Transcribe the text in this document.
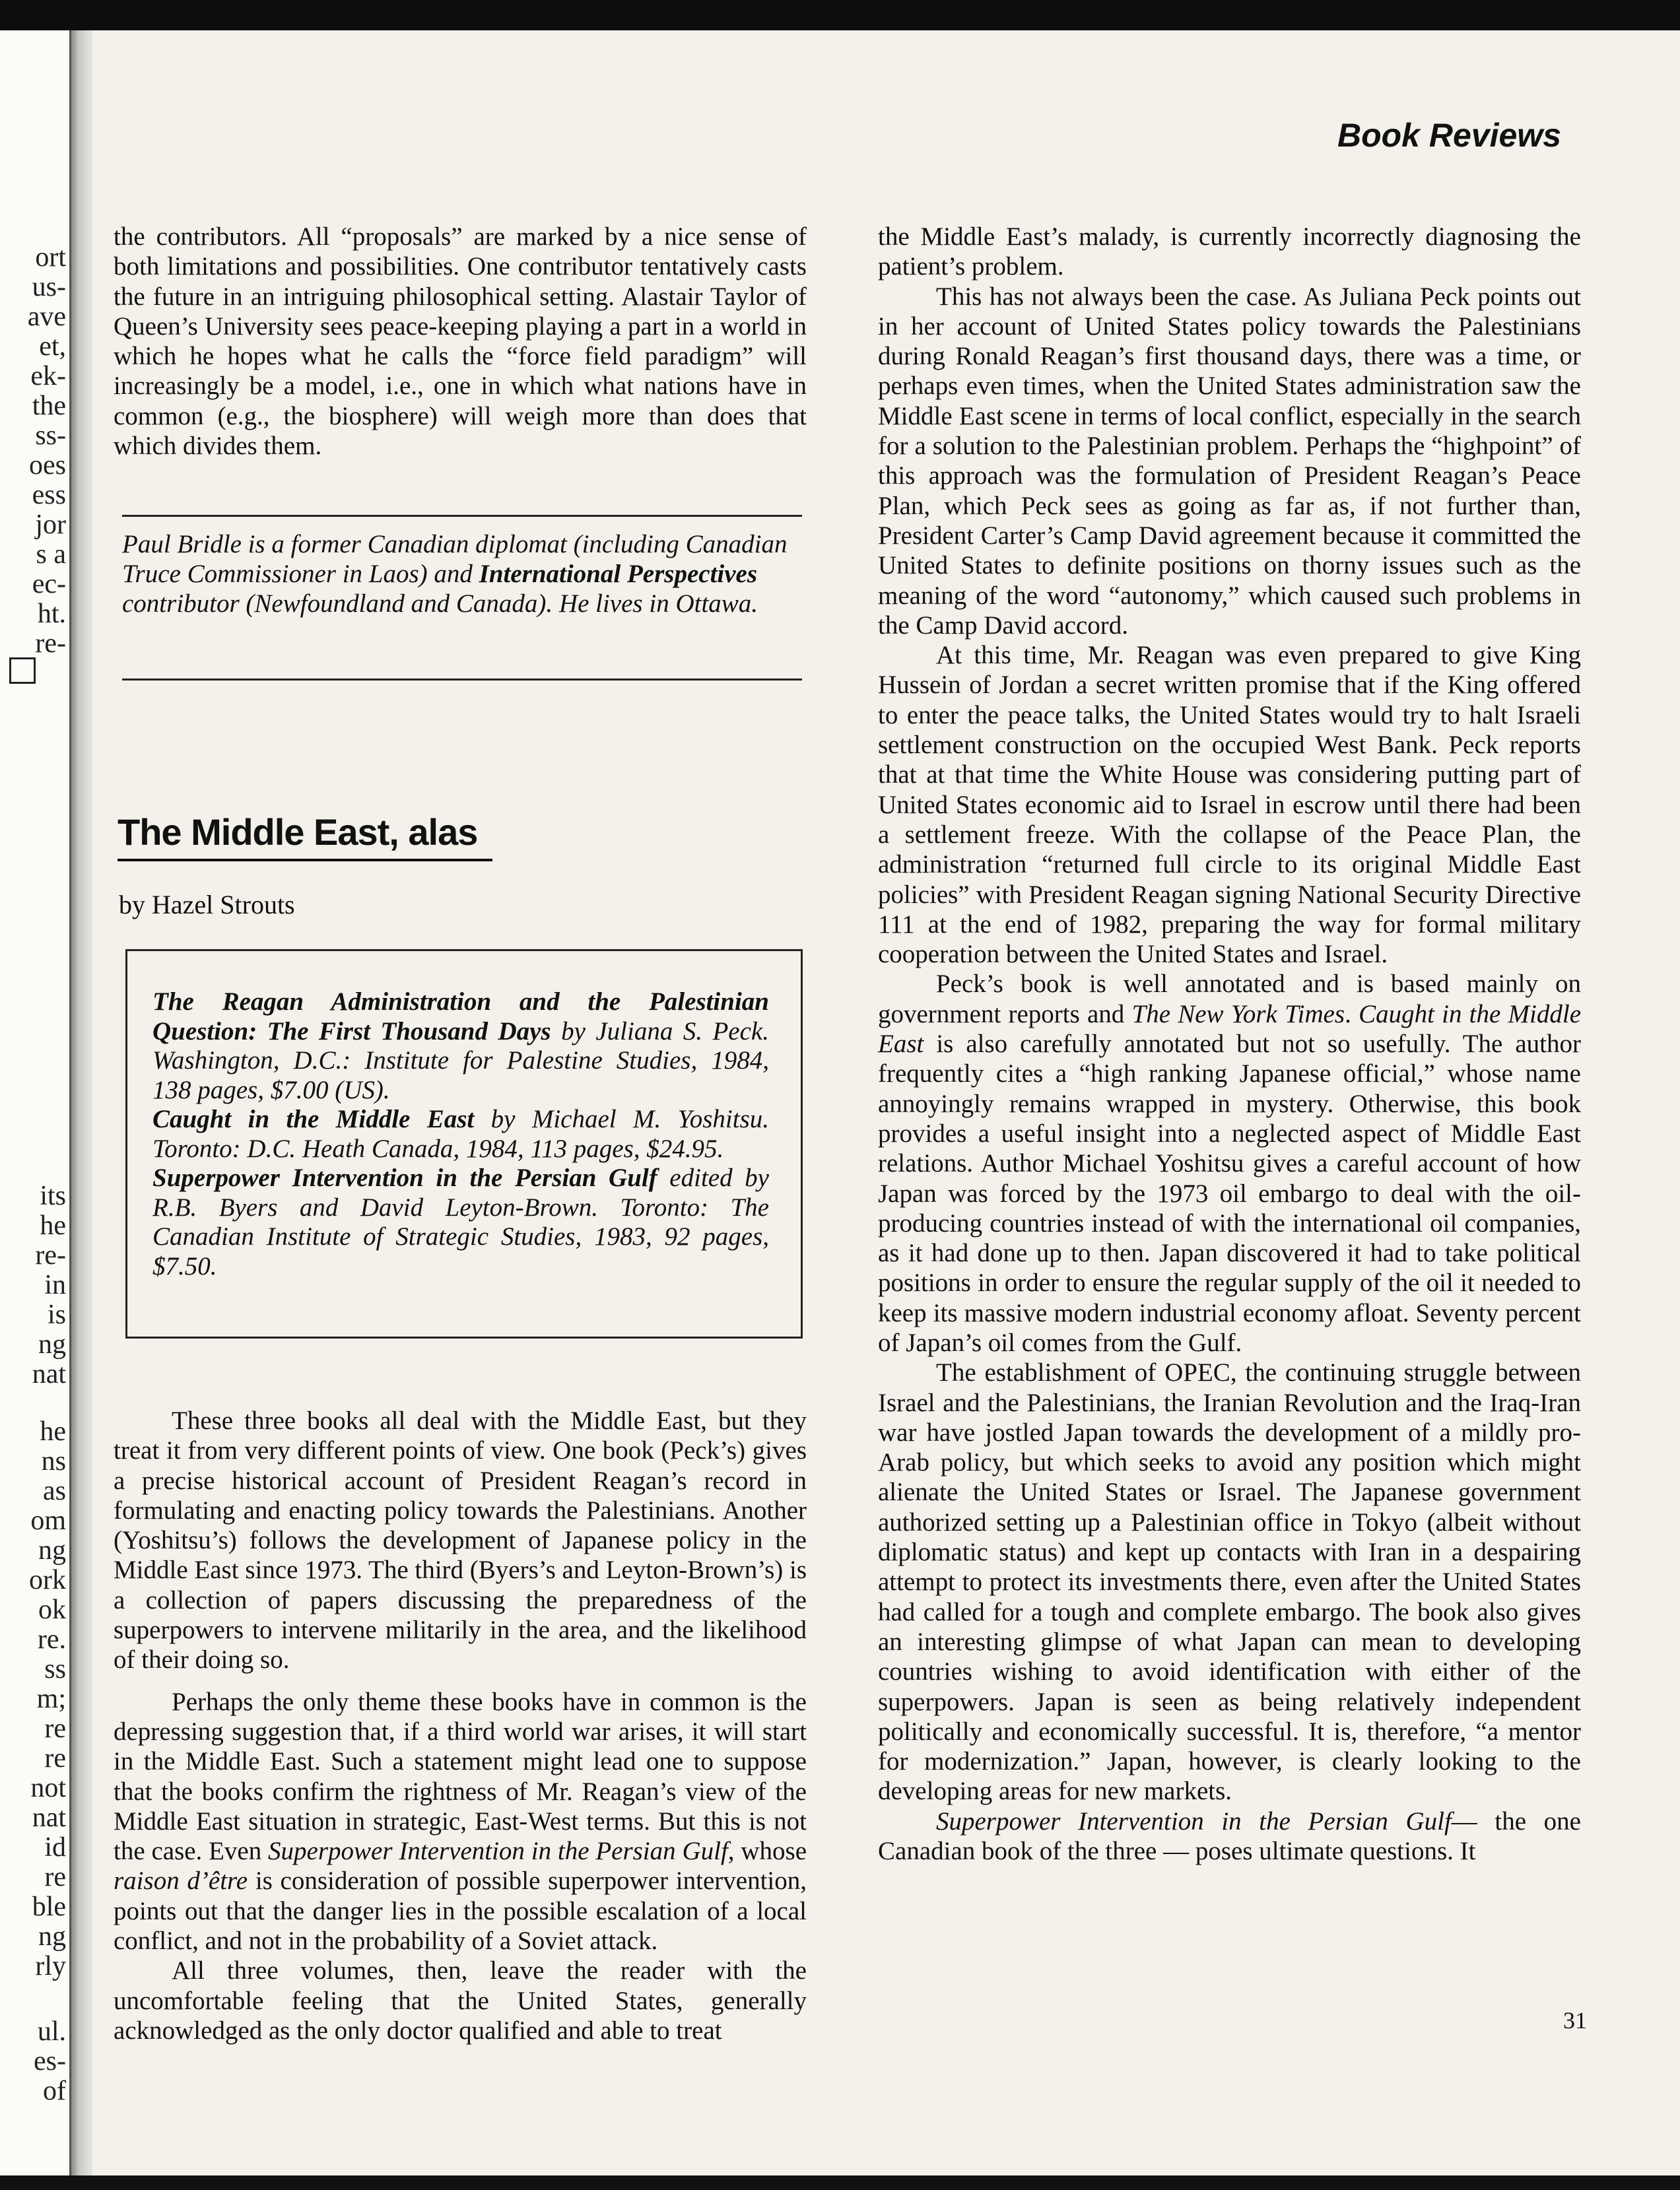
ort
us-
ave
et,
ek-
the
ss-
oes
ess
jor
s a
ec-
ht.
re-
its
he
re-
in
is
ng
nat
he
ns
as
om
ng
ork
ok
re.
ss
m;
re
re
not
nat
id
re
ble
ng
rly
ul.
es-
of
Book Reviews

the contributors. All “proposals” are marked by a nice sense of both limitations and possibilities. One contributor tentatively casts the future in an intriguing philosophical setting. Alastair Taylor of Queen’s University sees peace-keeping playing a part in a world in which he hopes what he calls the “force field paradigm” will increasingly be a model, i.e., one in which what nations have in common (e.g., the biosphere) will weigh more than does that which divides them.

Paul Bridle is a former Canadian diplomat (including Canadian Truce Commissioner in Laos) and International Perspectives contributor (Newfoundland and Canada). He lives in Ottawa.
The Middle East, alas
by Hazel Strouts
The Reagan Administration and the Palestinian Question: The First Thousand Days by Juliana S. Peck. Washington, D.C.: Institute for Palestine Studies, 1984, 138 pages, $7.00 (US).
Caught in the Middle East by Michael M. Yoshitsu. Toronto: D.C. Heath Canada, 1984, 113 pages, $24.95.
Superpower Intervention in the Persian Gulf edited by R.B. Byers and David Leyton-Brown. Toronto: The Canadian Institute of Strategic Studies, 1983, 92 pages, $7.50.

These three books all deal with the Middle East, but they treat it from very different points of view. One book (Peck’s) gives a precise historical account of President Reagan’s record in formulating and enacting policy towards the Palestinians. Another (Yoshitsu’s) follows the development of Japanese policy in the Middle East since 1973. The third (Byers’s and Leyton-Brown’s) is a collection of papers discussing the preparedness of the superpowers to intervene militarily in the area, and the likelihood of their doing so.

Perhaps the only theme these books have in common is the depressing suggestion that, if a third world war arises, it will start in the Middle East. Such a statement might lead one to suppose that the books confirm the rightness of Mr. Reagan’s view of the Middle East situation in strategic, East-West terms. But this is not the case. Even Superpower Intervention in the Persian Gulf, whose raison d’être is consideration of possible superpower intervention, points out that the danger lies in the possible escalation of a local conflict, and not in the probability of a Soviet attack.

All three volumes, then, leave the reader with the uncomfortable feeling that the United States, generally acknowledged as the only doctor qualified and able to treat

the Middle East’s malady, is currently incorrectly diagnosing the patient’s problem.

This has not always been the case. As Juliana Peck points out in her account of United States policy towards the Palestinians during Ronald Reagan’s first thousand days, there was a time, or perhaps even times, when the United States administration saw the Middle East scene in terms of local conflict, especially in the search for a solution to the Palestinian problem. Perhaps the “highpoint” of this approach was the formulation of President Reagan’s Peace Plan, which Peck sees as going as far as, if not further than, President Carter’s Camp David agreement because it committed the United States to definite positions on thorny issues such as the meaning of the word “autonomy,” which caused such problems in the Camp David accord.

At this time, Mr. Reagan was even prepared to give King Hussein of Jordan a secret written promise that if the King offered to enter the peace talks, the United States would try to halt Israeli settlement construction on the occupied West Bank. Peck reports that at that time the White House was considering putting part of United States economic aid to Israel in escrow until there had been a settlement freeze. With the collapse of the Peace Plan, the administration “returned full circle to its original Middle East policies” with President Reagan signing National Security Directive 111 at the end of 1982, preparing the way for formal military cooperation between the United States and Israel.

Peck’s book is well annotated and is based mainly on government reports and The New York Times. Caught in the Middle East is also carefully annotated but not so usefully. The author frequently cites a “high ranking Japanese official,” whose name annoyingly remains wrapped in mystery. Otherwise, this book provides a useful insight into a neglected aspect of Middle East relations. Author Michael Yoshitsu gives a careful account of how Japan was forced by the 1973 oil embargo to deal with the oil-producing countries instead of with the international oil companies, as it had done up to then. Japan discovered it had to take political positions in order to ensure the regular supply of the oil it needed to keep its massive modern industrial economy afloat. Seventy percent of Japan’s oil comes from the Gulf.

The establishment of OPEC, the continuing struggle between Israel and the Palestinians, the Iranian Revolution and the Iraq-Iran war have jostled Japan towards the development of a mildly pro-Arab policy, but which seeks to avoid any position which might alienate the United States or Israel. The Japanese government authorized setting up a Palestinian office in Tokyo (albeit without diplomatic status) and kept up contacts with Iran in a despairing attempt to protect its investments there, even after the United States had called for a tough and complete embargo. The book also gives an interesting glimpse of what Japan can mean to developing countries wishing to avoid identification with either of the superpowers. Japan is seen as being relatively independent politically and economically successful. It is, therefore, “a mentor for modernization.” Japan, however, is clearly looking to the developing areas for new markets.

Superpower Intervention in the Persian Gulf— the one Canadian book of the three — poses ultimate questions. It

31
